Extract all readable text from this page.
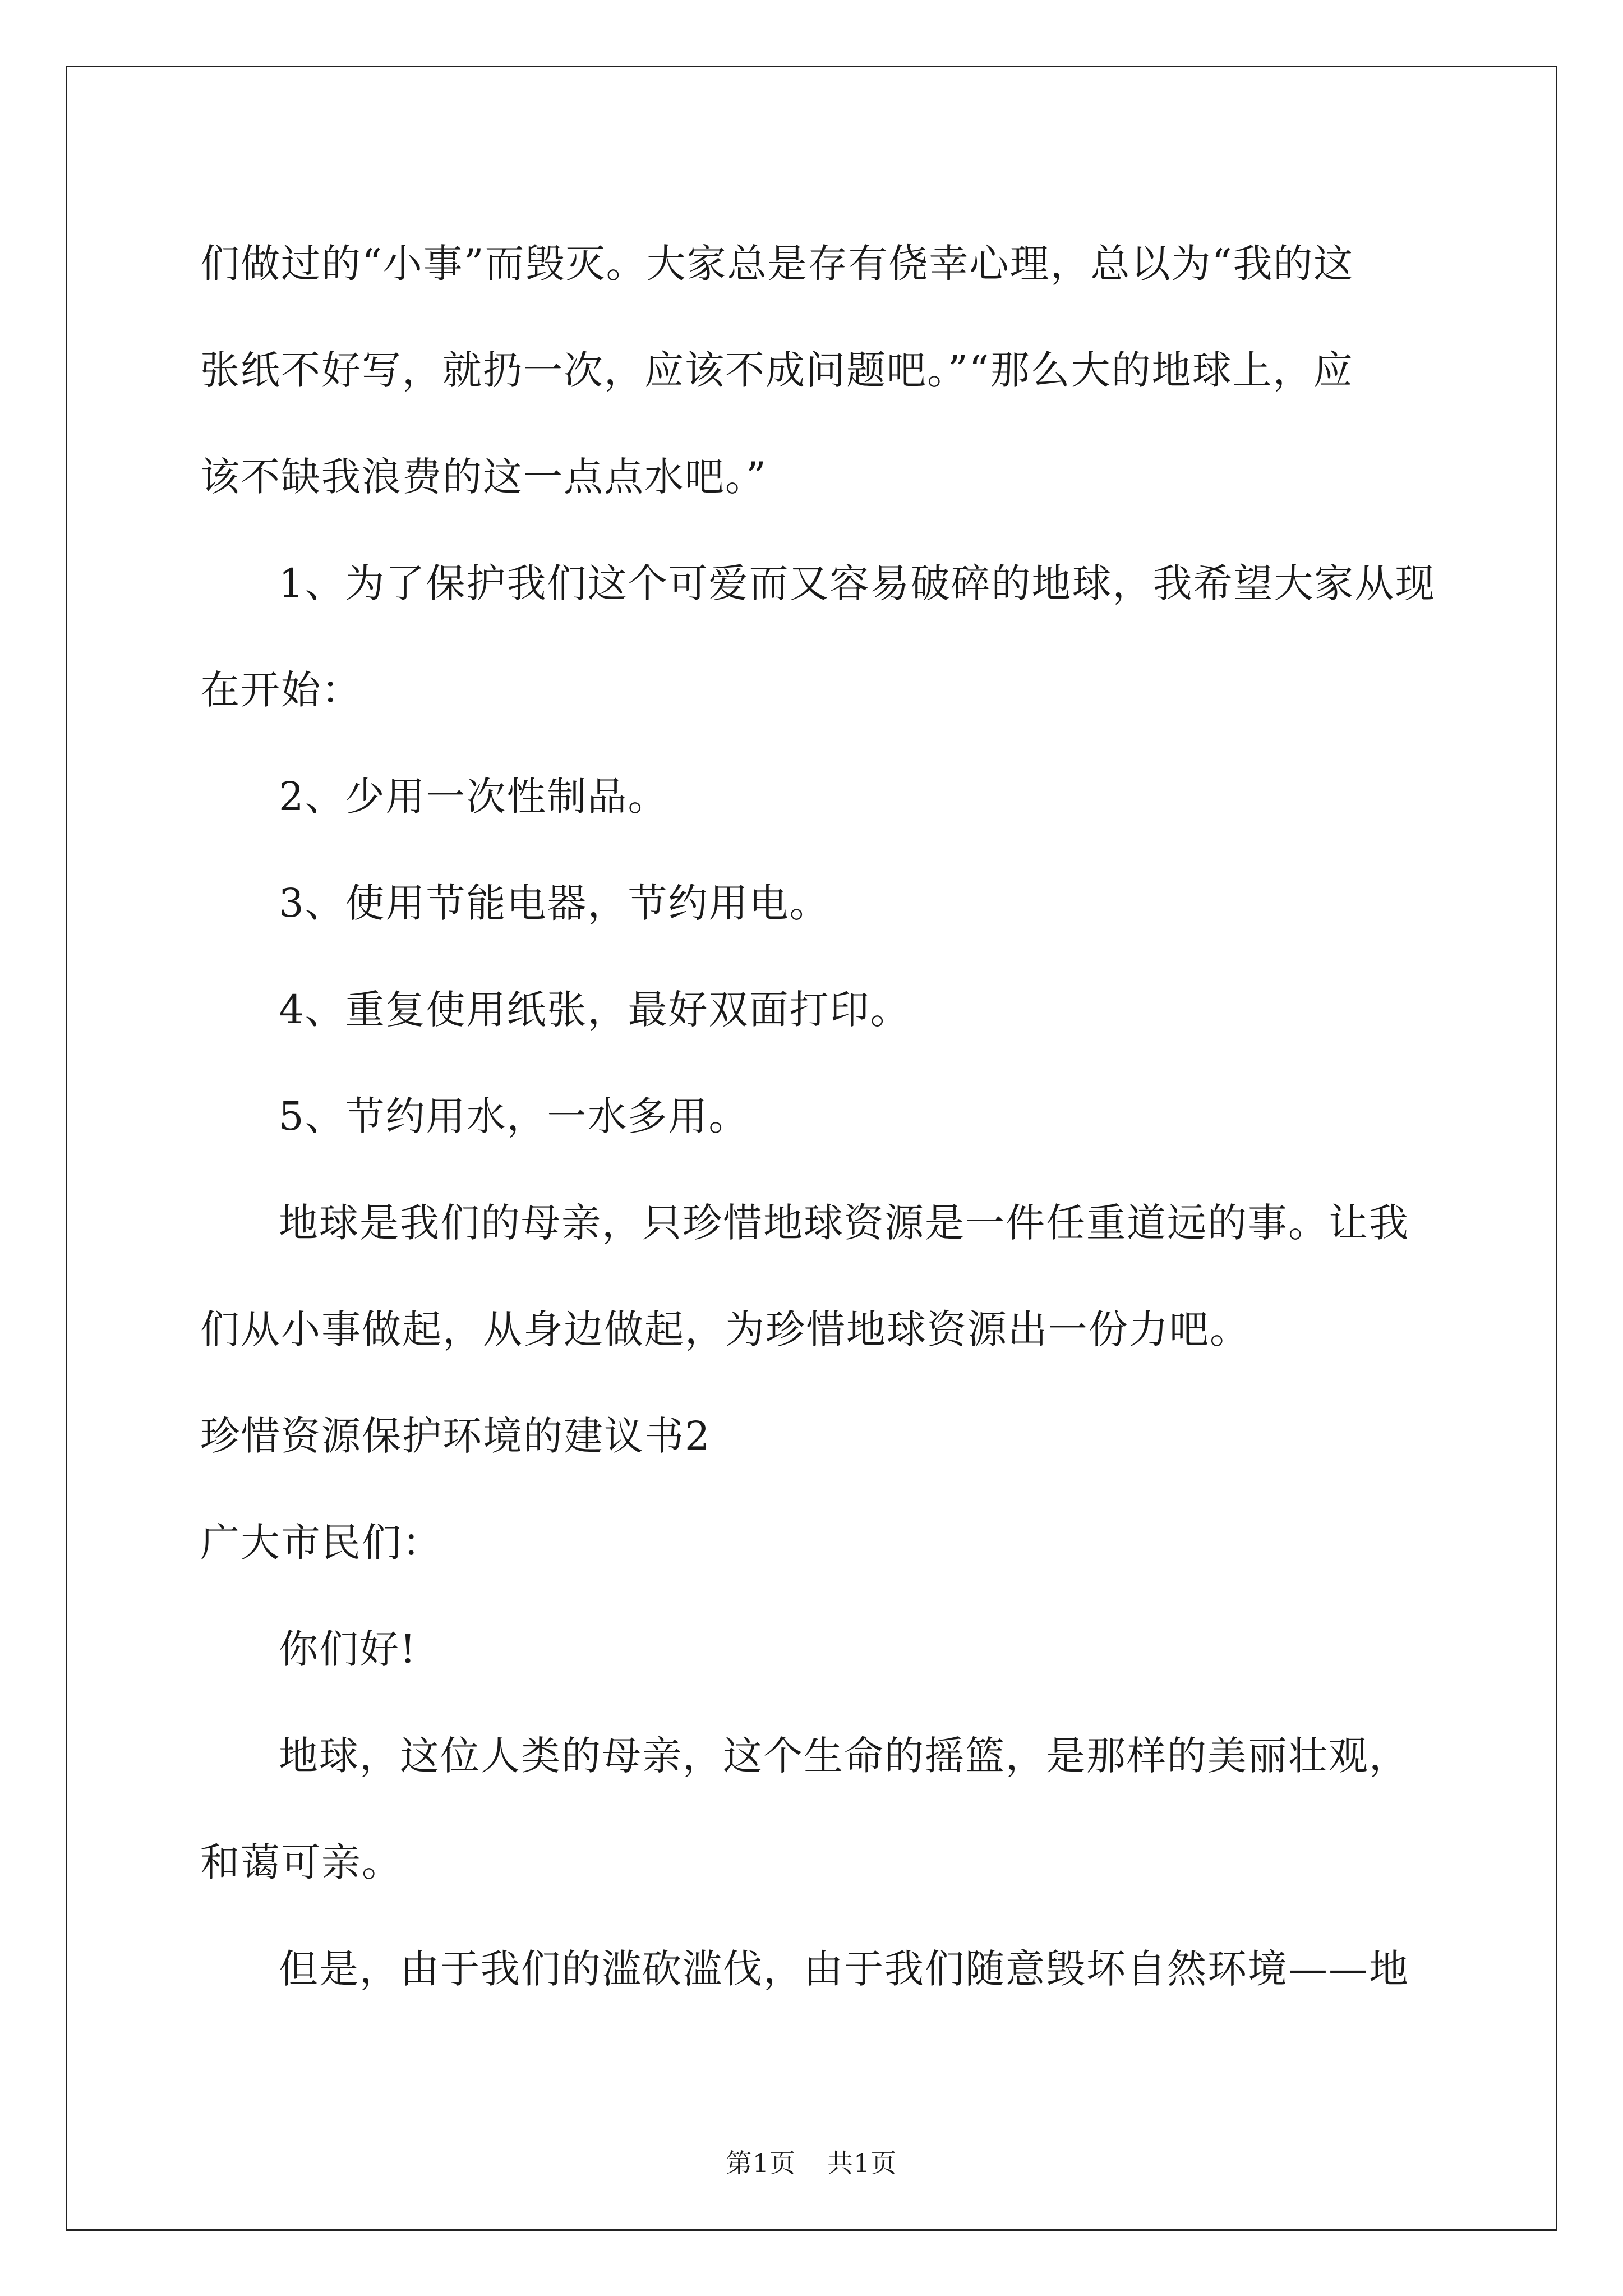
们做过的“小事”而毁灭。大家总是存有侥幸心理，总以为“我的这

张纸不好写，就扔一次，应该不成问题吧。”“那么大的地球上，应

该不缺我浪费的这一点点水吧。”

1、为了保护我们这个可爱而又容易破碎的地球，我希望大家从现

在开始：

2、少用一次性制品。

3、使用节能电器，节约用电。

4、重复使用纸张，最好双面打印。

5、节约用水，一水多用。

地球是我们的母亲，只珍惜地球资源是一件任重道远的事。让我

们从小事做起，从身边做起，为珍惜地球资源出一份力吧。

珍惜资源保护环境的建议书2

广大市民们：

你们好!

地球，这位人类的母亲，这个生命的摇篮，是那样的美丽壮观，

和蔼可亲。

但是，由于我们的滥砍滥伐，由于我们随意毁坏自然环境——地

第1页 共1页
